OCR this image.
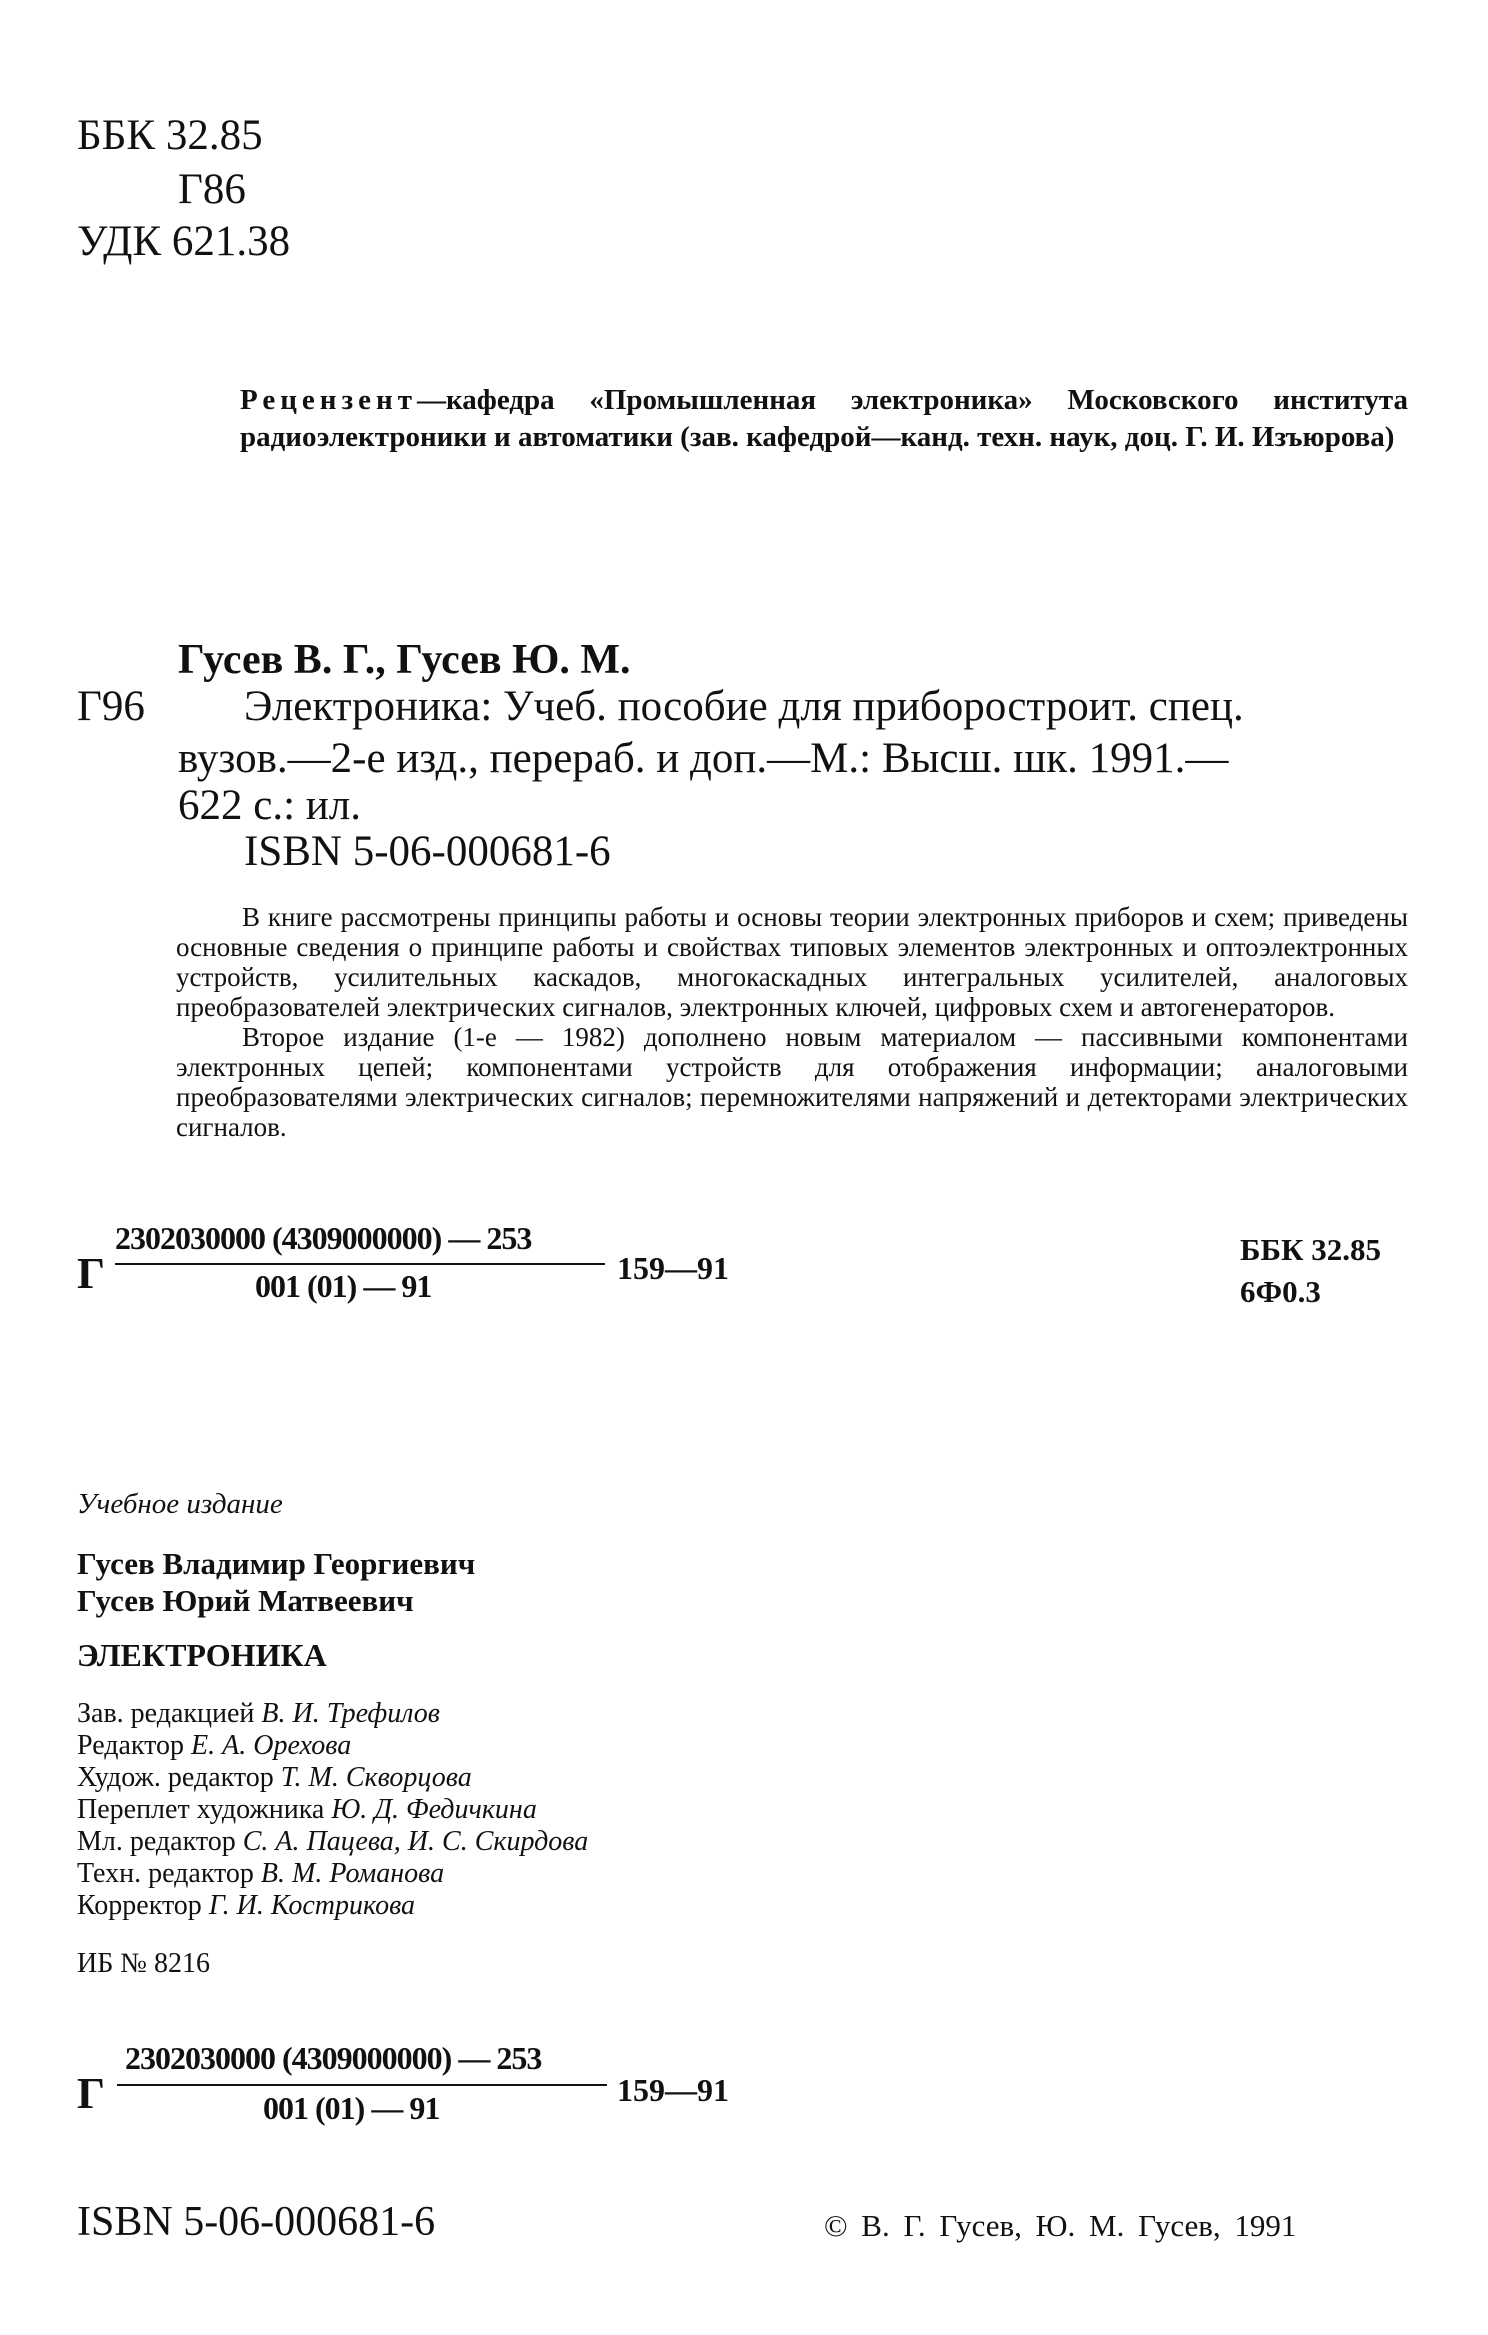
ББК 32.85
Г86
УДК 621.38
Рецензент—кафедра «Промышленная электроника» Московского института радиоэлектроники и автоматики (зав. кафедрой—канд. техн. наук, доц. Г. И. Изъюрова)
Гусев В. Г., Гусев Ю. М.
Г96 Электроника: Учеб. пособие для приборостроит. спец.
вузов.—2-е изд., перераб. и доп.—М.: Высш. шк. 1991.—
622 с.: ил.
ISBN 5-06-000681-6

В книге рассмотрены принципы работы и основы теории электронных приборов и схем; приведены основные сведения о принципе работы и свойствах типовых элементов электронных и оптоэлектронных устройств, усилительных каскадов, многокаскадных интегральных усилителей, аналоговых преобразователей электрических сигналов, электронных ключей, цифровых схем и автогенераторов.

Второе издание (1-е — 1982) дополнено новым материалом — пассивными компонентами электронных цепей; компонентами устройств для отображения информации; аналоговыми преобразователями электрических сигналов; перемножителями напряжений и детекторами электрических сигналов.

Г
2302030000 (4309000000) — 253
001 (01) — 91	159—91
ББК 32.85
6Ф0.3
Учебное издание
Гусев Владимир Георгиевич
Гусев Юрий Матвеевич
ЭЛЕКТРОНИКА
Зав. редакцией В. И. Трефилов
Редактор Е. А. Орехова
Худож. редактор Т. М. Скворцова
Переплет художника Ю. Д. Федичкина
Мл. редактор С. А. Пацева, И. С. Скирдова
Техн. редактор В. М. Романова
Корректор Г. И. Кострикова
ИБ № 8216
Г
2302030000 (4309000000) — 253
001 (01) — 91	159—91
ISBN 5-06-000681-6	© В. Г. Гусев, Ю. М. Гусев, 1991
